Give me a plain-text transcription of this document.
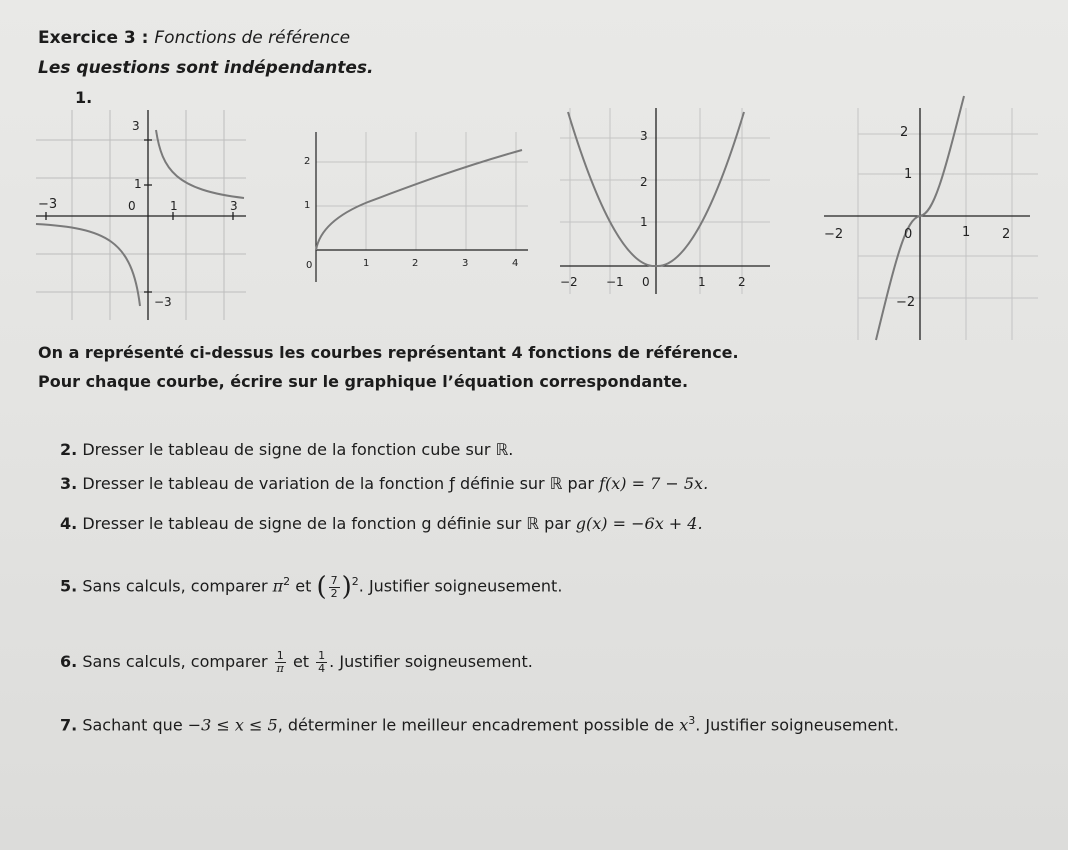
Exercice 3 : Fonctions de référence
Les questions sont indépendantes.
1.
3
1
−3	0	1	3
−3
2
1
0	1	2	3	4
3
2
1
−2 −1 0	1	2
2
1
−2	0	1 2
−2
On a représenté ci-dessus les courbes représentant 4 fonctions de référence.
Pour chaque courbe, écrire sur le graphique l’équation correspondante.
2. Dresser le tableau de signe de la fonction cube sur ℝ.
3. Dresser le tableau de variation de la fonction ƒ définie sur ℝ par f(x) = 7 − 5x.
4. Dresser le tableau de signe de la fonction g définie sur ℝ par g(x) = −6x + 4.
5. Sans calculs, comparer $\pi^2$ et ( $\frac{7}{2} )^2$. Justifier soigneusement.
6. Sans calculs, comparer $\frac{1}{\pi}$ et $\frac{1}{4}$ . Justifier soigneusement.
7. Sachant que −3 ≤ x ≤ 5, déterminer le meilleur encadrement possible de $x^3$. Justifier soigneusement.
